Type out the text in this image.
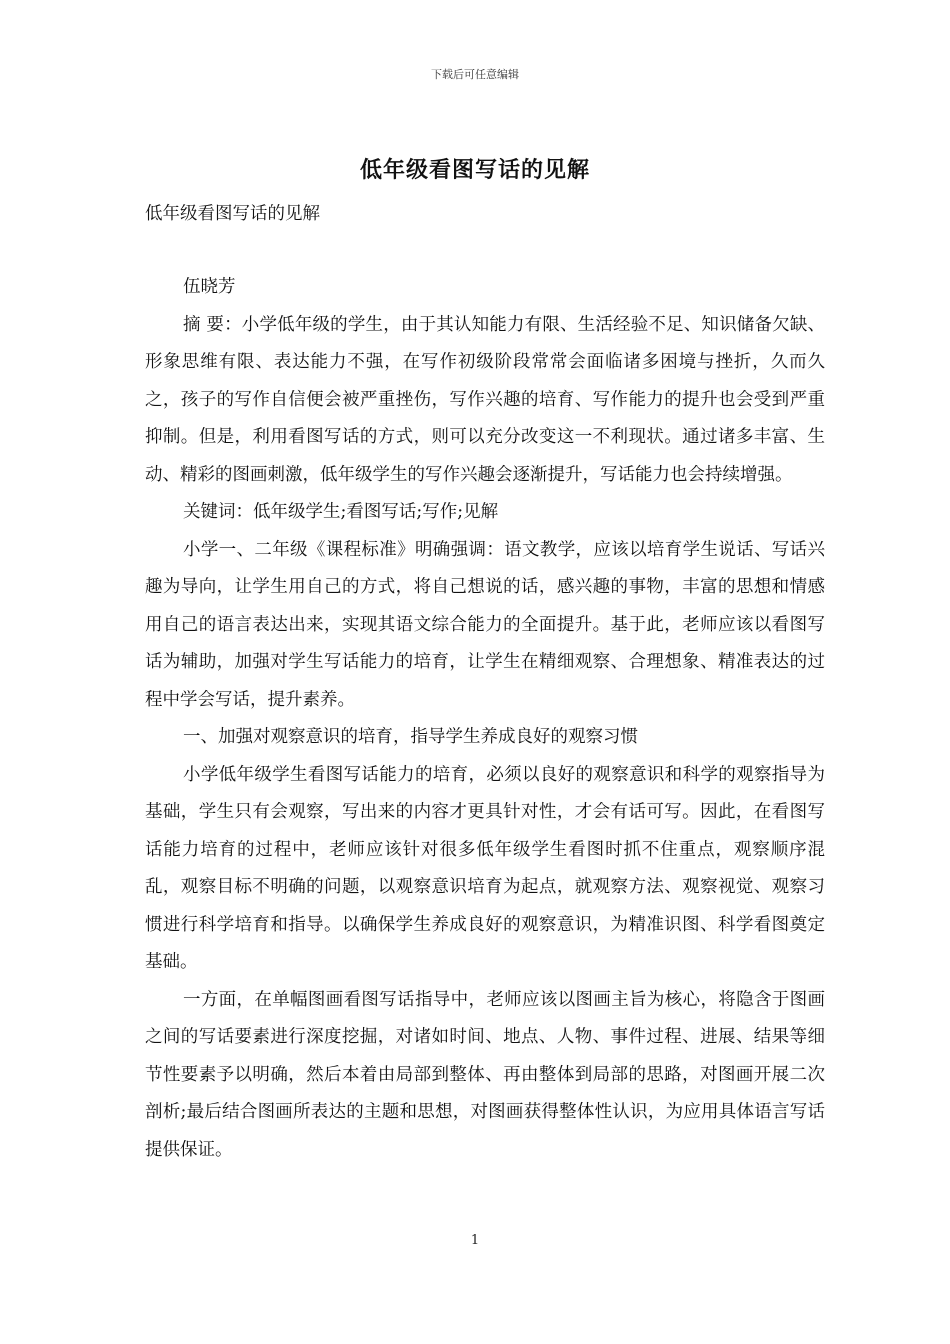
下载后可任意编辑
低年级看图写话的见解
低年级看图写话的见解

伍晓芳

摘 要：小学低年级的学生，由于其认知能力有限、生活经验不足、知识储备欠缺、形象思维有限、表达能力不强，在写作初级阶段常常会面临诸多困境与挫折，久而久之，孩子的写作自信便会被严重挫伤，写作兴趣的培育、写作能力的提升也会受到严重抑制。但是，利用看图写话的方式，则可以充分改变这一不利现状。通过诸多丰富、生动、精彩的图画刺激，低年级学生的写作兴趣会逐渐提升，写话能力也会持续增强。

关键词：低年级学生;看图写话;写作;见解

小学一、二年级《课程标准》明确强调：语文教学，应该以培育学生说话、写话兴趣为导向，让学生用自己的方式，将自己想说的话，感兴趣的事物，丰富的思想和情感用自己的语言表达出来，实现其语文综合能力的全面提升。基于此，老师应该以看图写话为辅助，加强对学生写话能力的培育，让学生在精细观察、合理想象、精准表达的过程中学会写话，提升素养。

一、加强对观察意识的培育，指导学生养成良好的观察习惯

小学低年级学生看图写话能力的培育，必须以良好的观察意识和科学的观察指导为基础，学生只有会观察，写出来的内容才更具针对性，才会有话可写。因此，在看图写话能力培育的过程中，老师应该针对很多低年级学生看图时抓不住重点，观察顺序混乱，观察目标不明确的问题，以观察意识培育为起点，就观察方法、观察视觉、观察习惯进行科学培育和指导。以确保学生养成良好的观察意识，为精准识图、科学看图奠定基础。

一方面，在单幅图画看图写话指导中，老师应该以图画主旨为核心，将隐含于图画之间的写话要素进行深度挖掘，对诸如时间、地点、人物、事件过程、进展、结果等细节性要素予以明确，然后本着由局部到整体、再由整体到局部的思路，对图画开展二次剖析;最后结合图画所表达的主题和思想，对图画获得整体性认识，为应用具体语言写话提供保证。

1
